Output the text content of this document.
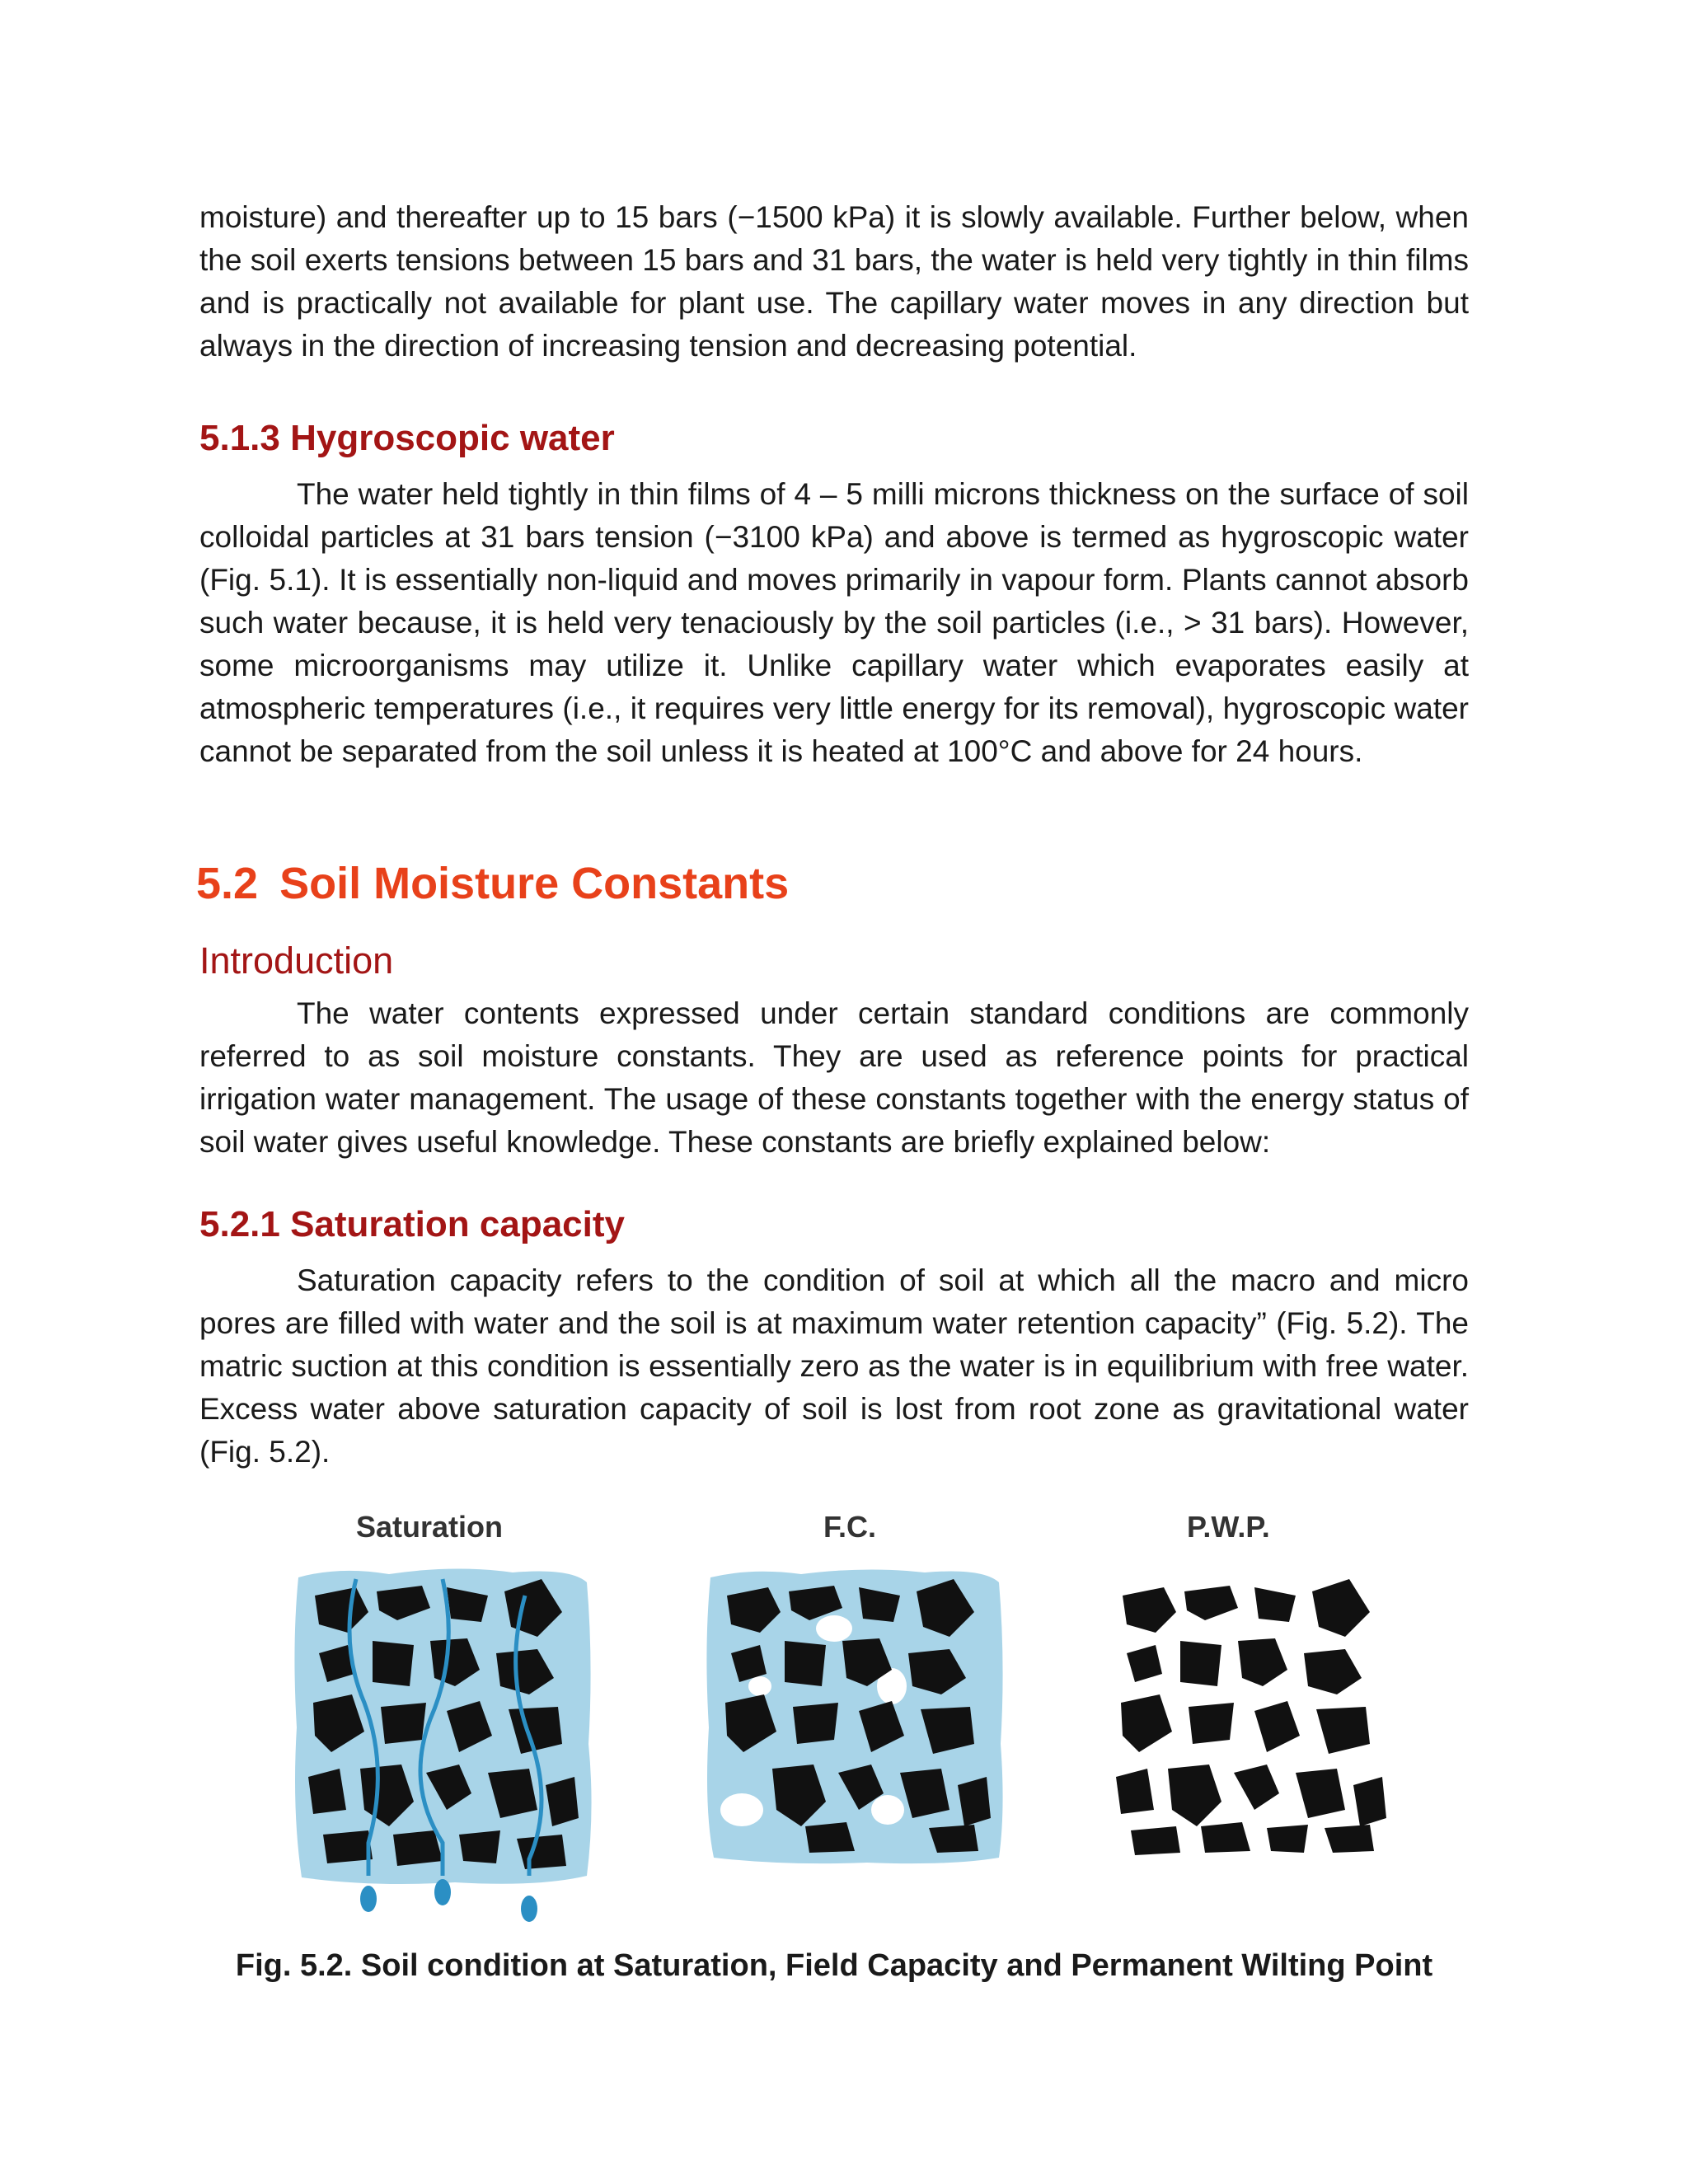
moisture) and thereafter up to 15 bars (−1500 kPa) it is slowly available. Further below, when the soil exerts tensions between 15 bars and 31 bars, the water is held very tightly in thin films and is practically not available for plant use. The capillary water moves in any direction but always in the direction of increasing tension and decreasing potential.

5.1.3 Hygroscopic water

The water held tightly in thin films of 4 – 5 milli microns thickness on the surface of soil colloidal particles at 31 bars tension (−3100 kPa) and above is termed as hygroscopic water (Fig. 5.1). It is essentially non-liquid and moves primarily in vapour form. Plants cannot absorb such water because, it is held very tenaciously by the soil particles (i.e., > 31 bars). However, some microorganisms may utilize it. Unlike capillary water which evaporates easily at atmospheric temperatures (i.e., it requires very little energy for its removal), hygroscopic water cannot be separated from the soil unless it is heated at 100°C and above for 24 hours.

5.2 Soil Moisture Constants
Introduction

The water contents expressed under certain standard conditions are commonly referred to as soil moisture constants. They are used as reference points for practical irrigation water management. The usage of these constants together with the energy status of soil water gives useful knowledge. These constants are briefly explained below:

5.2.1 Saturation capacity

Saturation capacity refers to the condition of soil at which all the macro and micro pores are filled with water and the soil is at maximum water retention capacity” (Fig. 5.2). The matric suction at this condition is essentially zero as the water is in equilibrium with free water. Excess water above saturation capacity of soil is lost from root zone as gravitational water (Fig. 5.2).

Saturation	F.C.	P.W.P.
Fig. 5.2. Soil condition at Saturation, Field Capacity and Permanent Wilting Point
